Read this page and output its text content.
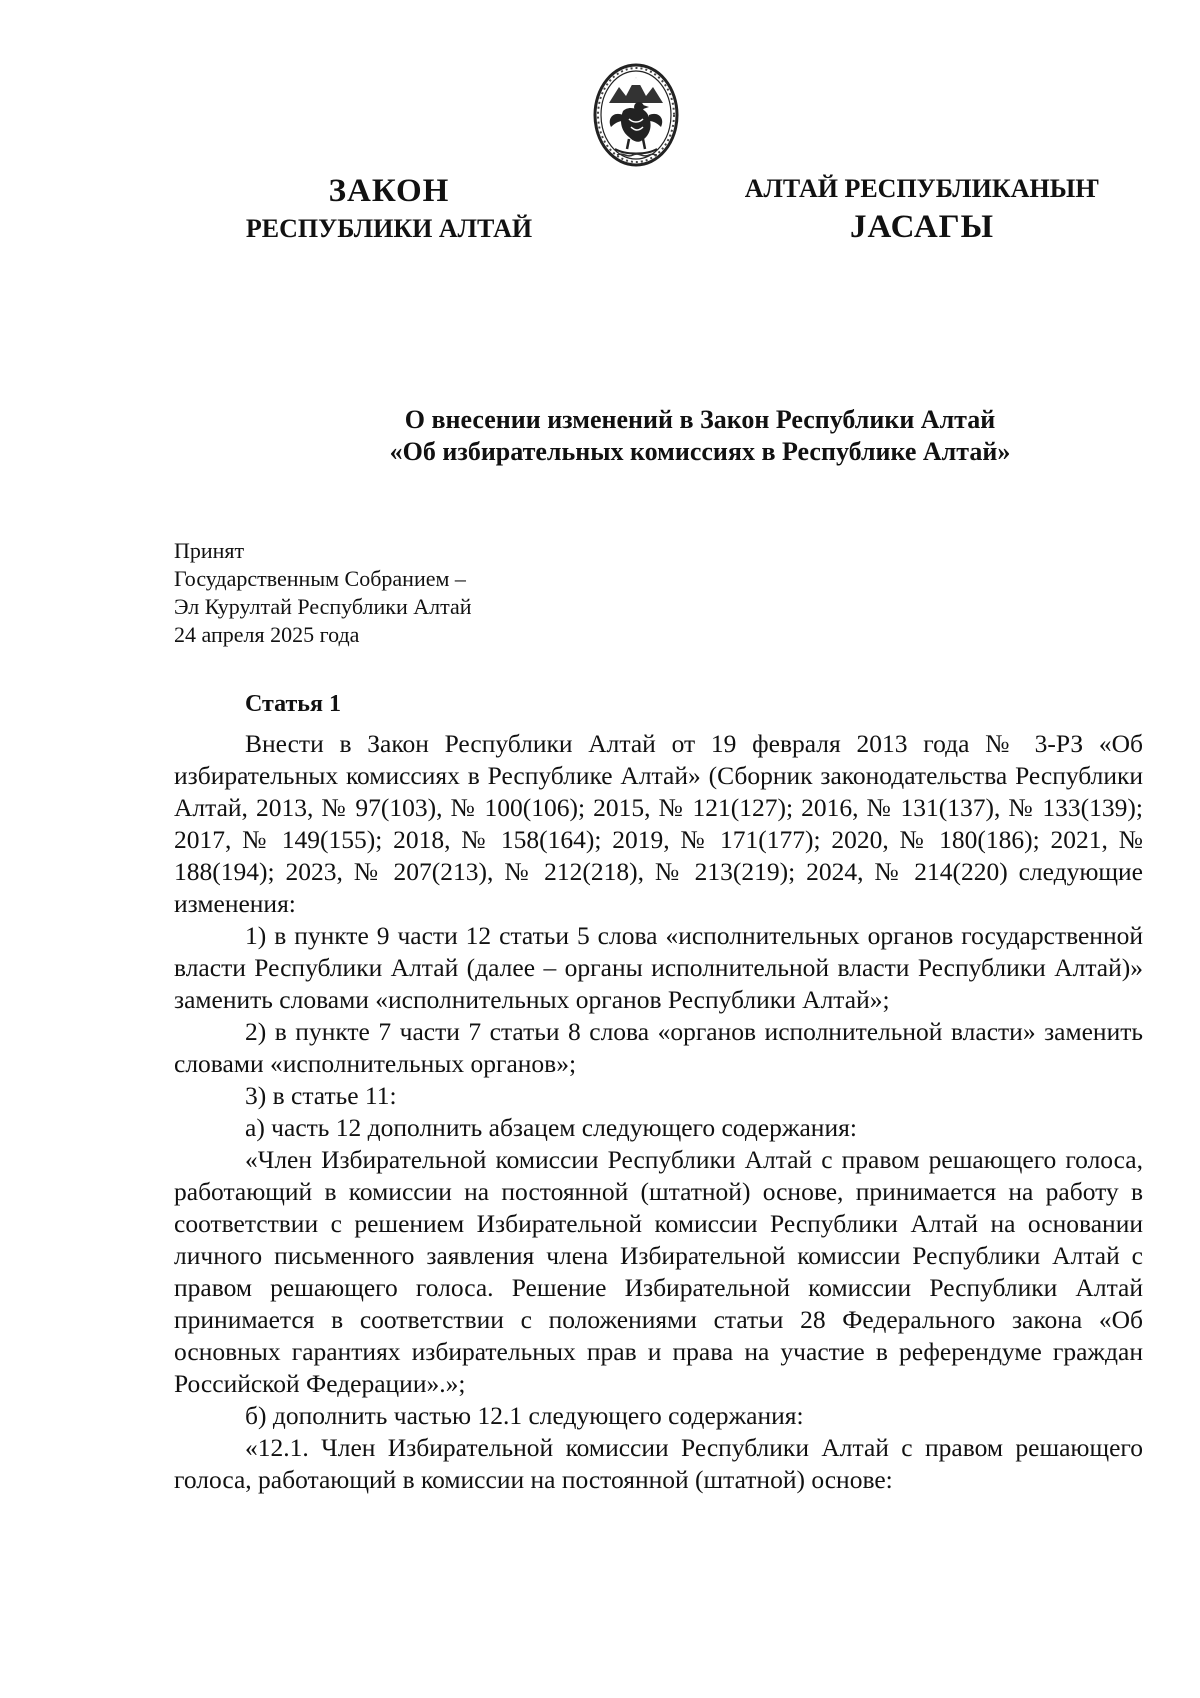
ЗАКОН
РЕСПУБЛИКИ АЛТАЙ
АЛТАЙ РЕСПУБЛИКАНЫҤ
ЈАСАГЫ
О внесении изменений в Закон Республики Алтай
«Об избирательных комиссиях в Республике Алтай»
Принят
Государственным Собранием –
Эл Курултай Республики Алтай
24 апреля 2025 года
Статья 1

Внести в Закон Республики Алтай от 19 февраля 2013 года № 3-РЗ «Об избирательных комиссиях в Республике Алтай» (Сборник законодательства Республики Алтай, 2013, № 97(103), № 100(106); 2015, № 121(127); 2016, № 131(137), № 133(139); 2017, № 149(155); 2018, № 158(164); 2019, № 171(177); 2020, № 180(186); 2021, № 188(194); 2023, № 207(213), № 212(218), № 213(219); 2024, № 214(220) следующие изменения:

1) в пункте 9 части 12 статьи 5 слова «исполнительных органов государственной власти Республики Алтай (далее – органы исполнительной власти Республики Алтай)» заменить словами «исполнительных органов Республики Алтай»;

2) в пункте 7 части 7 статьи 8 слова «органов исполнительной власти» заменить словами «исполнительных органов»;

3) в статье 11:

а) часть 12 дополнить абзацем следующего содержания:

«Член Избирательной комиссии Республики Алтай с правом решающего голоса, работающий в комиссии на постоянной (штатной) основе, принимается на работу в соответствии с решением Избирательной комиссии Республики Алтай на основании личного письменного заявления члена Избирательной комиссии Республики Алтай с правом решающего голоса. Решение Избирательной комиссии Республики Алтай принимается в соответствии с положениями статьи 28 Федерального закона «Об основных гарантиях избирательных прав и права на участие в референдуме граждан Российской Федерации».»;

б) дополнить частью 12.1 следующего содержания:

«12.1. Член Избирательной комиссии Республики Алтай с правом решающего голоса, работающий в комиссии на постоянной (штатной) основе:
